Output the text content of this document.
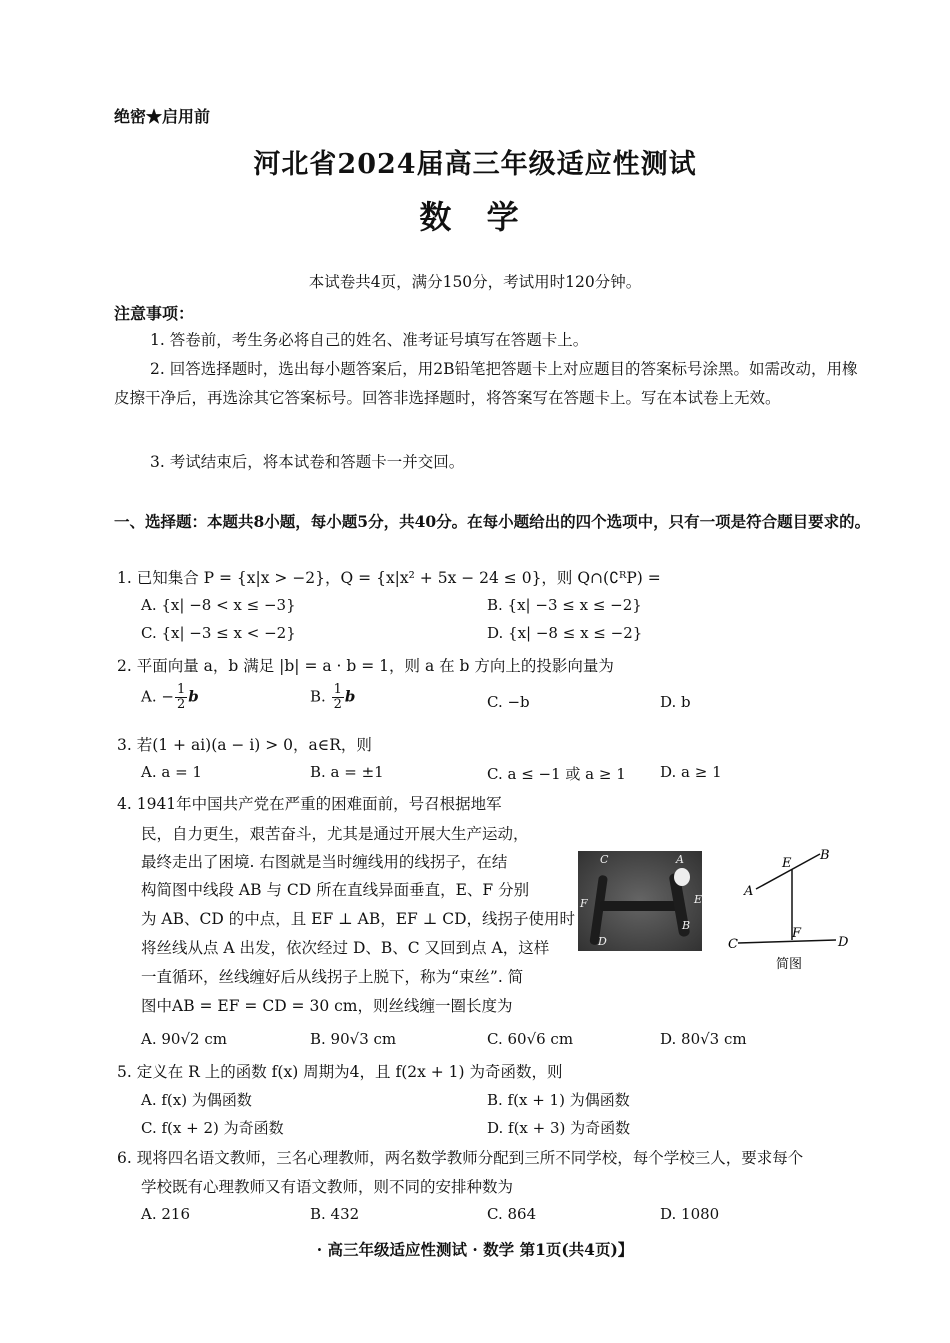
绝密★启用前
河北省2024届高三年级适应性测试
数 学
本试卷共4页，满分150分，考试用时120分钟。
注意事项：
1. 答卷前，考生务必将自己的姓名、准考证号填写在答题卡上。
2. 回答选择题时，选出每小题答案后，用2B铅笔把答题卡上对应题目的答案标号涂黑。如需改动，用橡皮擦干净后，再选涂其它答案标号。回答非选择题时，将答案写在答题卡上。写在本试卷上无效。
3. 考试结束后，将本试卷和答题卡一并交回。
一、选择题：本题共8小题，每小题5分，共40分。在每小题给出的四个选项中，只有一项是符合题目要求的。
1. 已知集合 P = {x|x > −2}，Q = {x|x² + 5x − 24 ≤ 0}，则 Q∩(∁ᴿP) =
A. {x| −8 < x ≤ −3}	B. {x| −3 ≤ x ≤ −2}
C. {x| −3 ≤ x < −2}	D. {x| −8 ≤ x ≤ −2}
2. 平面向量 a，b 满足 |b| = a · b = 1，则 a 在 b 方向上的投影向量为
A. − $\frac{1}{2}$ b	B. $\frac{1}{2}$ b	C. −b	D. b
3. 若(1 + ai)(a − i) > 0，a∈R，则
A. a = 1	B. a = ±1	C. a ≤ −1 或 a ≥ 1 D. a ≥ 1
4. 1941年中国共产党在严重的困难面前，号召根据地军
民，自力更生，艰苦奋斗，尤其是通过开展大生产运动，
最终走出了困境. 右图就是当时缠线用的线拐子，在结
构简图中线段 AB 与 CD 所在直线异面垂直，E、F 分别
为 AB、CD 的中点，且 EF ⊥ AB，EF ⊥ CD，线拐子使用时
将丝线从点 A 出发，依次经过 D、B、C 又回到点 A，这样
一直循环，丝线缠好后从线拐子上脱下，称为“束丝”. 简
图中AB = EF = CD = 30 cm，则丝线缠一圈长度为
C	A
F	E
D
B
A
B
E
F
C	D
简图
A. 90√2 cm	B. 90√3 cm	C. 60√6 cm	D. 80√3 cm
5. 定义在 R 上的函数 f(x) 周期为4，且 f(2x + 1) 为奇函数，则
A. f(x) 为偶函数	B. f(x + 1) 为偶函数
C. f(x + 2) 为奇函数	D. f(x + 3) 为奇函数
6. 现将四名语文教师，三名心理教师，两名数学教师分配到三所不同学校，每个学校三人，要求每个
学校既有心理教师又有语文教师，则不同的安排种数为
A. 216	B. 432	C. 864	D. 1080
· 高三年级适应性测试 · 数学 第1页(共4页)】
